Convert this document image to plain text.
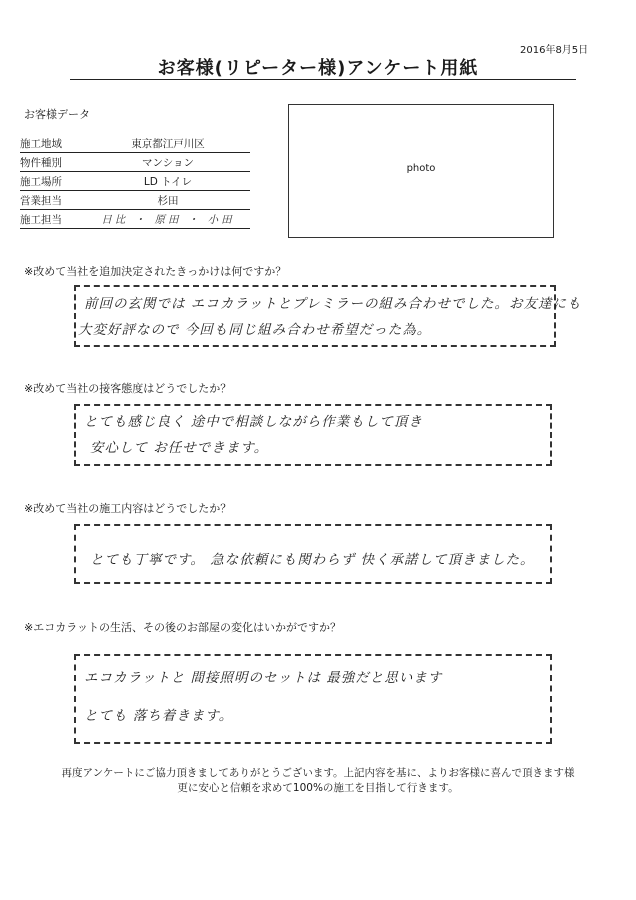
2016年8月5日
お客様(リピーター様)アンケート用紙
お客様データ
施工地域	東京都江戸川区
物件種別	マンション
施工場所	LD トイレ
営業担当	杉田
施工担当	日比 ・ 原田 ・ 小田
photo
※改めて当社を追加決定されたきっかけは何ですか？
前回の玄関では エコカラットとプレミラーの組み合わせでした。お友達にも
大変好評なので 今回も同じ組み合わせ希望だった為。
※改めて当社の接客態度はどうでしたか？
とても感じ良く 途中で相談しながら作業もして頂き
安心して お任せできます。
※改めて当社の施工内容はどうでしたか？
とても丁寧です。 急な依頼にも関わらず 快く承諾して頂きました。
※エコカラットの生活、その後のお部屋の変化はいかがですか？
エコカラットと 間接照明のセットは 最強だと思います
とても 落ち着きます。
再度アンケートにご協力頂きましてありがとうございます。上記内容を基に、よりお客様に喜んで頂きます様
更に安心と信頼を求めて100%の施工を目指して行きます。
